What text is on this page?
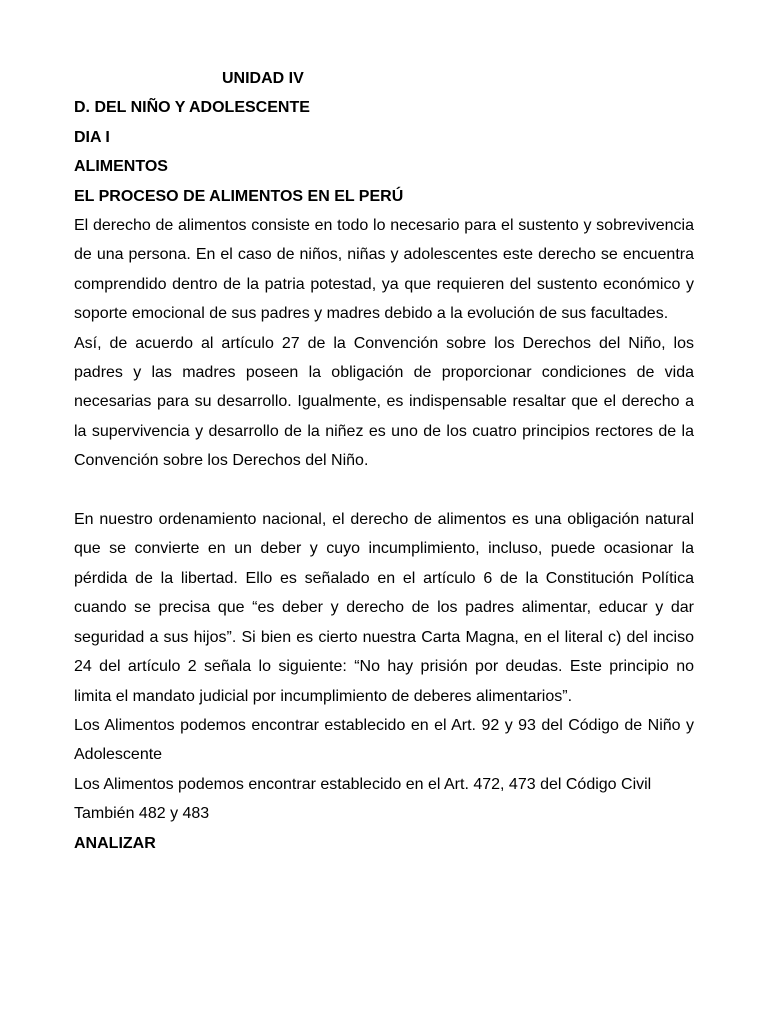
UNIDAD IV
D. DEL NIÑO Y ADOLESCENTE
DIA I
ALIMENTOS
EL PROCESO DE ALIMENTOS EN EL PERÚ

El derecho de alimentos consiste en todo lo necesario para el sustento y sobrevivencia de una persona. En el caso de niños, niñas y adolescentes este derecho se encuentra comprendido dentro de la patria potestad, ya que requieren del sustento económico y soporte emocional de sus padres y madres debido a la evolución de sus facultades.

Así, de acuerdo al artículo 27 de la Convención sobre los Derechos del Niño, los padres y las madres poseen la obligación de proporcionar condiciones de vida necesarias para su desarrollo. Igualmente, es indispensable resaltar que el derecho a la supervivencia y desarrollo de la niñez es uno de los cuatro principios rectores de la Convención sobre los Derechos del Niño.

En nuestro ordenamiento nacional, el derecho de alimentos es una obligación natural que se convierte en un deber y cuyo incumplimiento, incluso, puede ocasionar la pérdida de la libertad. Ello es señalado en el artículo 6 de la Constitución Política cuando se precisa que “es deber y derecho de los padres alimentar, educar y dar seguridad a sus hijos”. Si bien es cierto nuestra Carta Magna, en el literal c) del inciso 24 del artículo 2 señala lo siguiente: “No hay prisión por deudas. Este principio no limita el mandato judicial por incumplimiento de deberes alimentarios”.

Los Alimentos podemos encontrar establecido en el Art. 92 y 93 del Código de Niño y Adolescente

Los Alimentos podemos encontrar establecido en el Art. 472, 473 del Código Civil

También 482 y 483

ANALIZAR
